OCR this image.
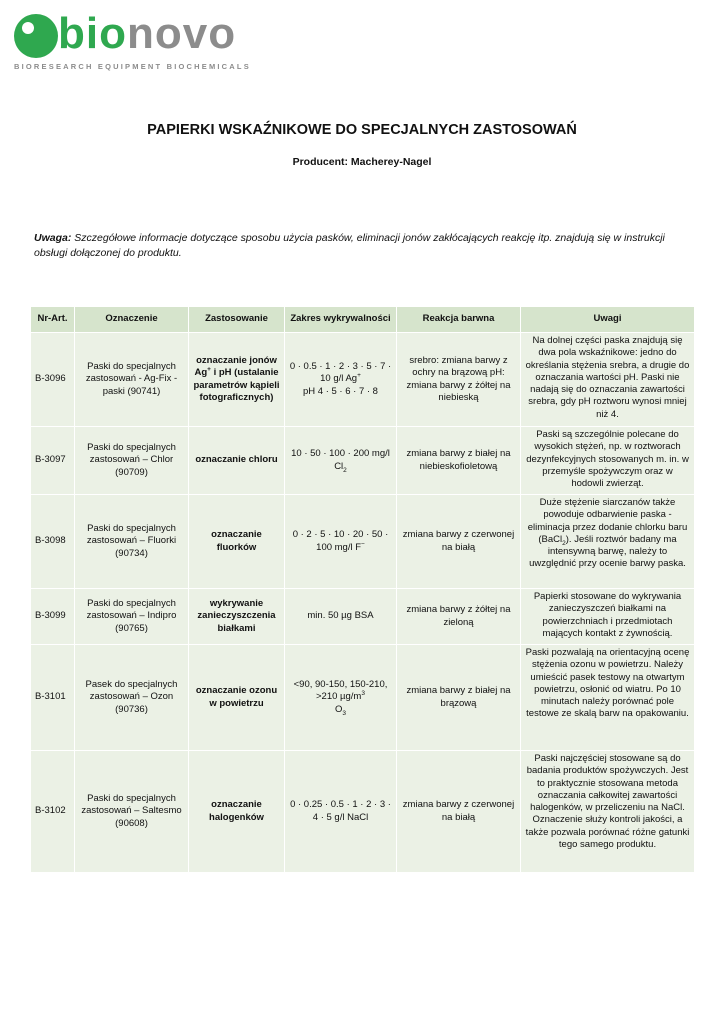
bionovo
BIORESEARCH EQUIPMENT BIOCHEMICALS
PAPIERKI WSKAŹNIKOWE DO SPECJALNYCH ZASTOSOWAŃ
Producent: Macherey-Nagel
Uwaga: Szczegółowe informacje dotyczące sposobu użycia pasków, eliminacji jonów zakłócających reakcję itp. znajdują się w instrukcji obsługi dołączonej do produktu.
Nr-Art.	Oznaczenie	Zastosowanie	Zakres wykrywalności	Reakcja barwna	Uwagi
B-3096	Paski do specjalnych zastosowań - Ag-Fix - paski (90741)	oznaczanie jonów Ag+ i pH (ustalanie parametrów kąpieli fotograficznych)	0 · 0.5 · 1 · 2 · 3 · 5 · 7 · 10 g/l Ag+
pH 4 · 5 · 6 · 7 · 8	srebro: zmiana barwy z ochry na brązową pH: zmiana barwy z żółtej na niebieską	Na dolnej części paska znajdują się dwa pola wskaźnikowe: jedno do określania stężenia srebra, a drugie do oznaczania wartości pH. Paski nie nadają się do oznaczania zawartości srebra, gdy pH roztworu wynosi mniej niż 4.
B-3097	Paski do specjalnych zastosowań – Chlor (90709)	oznaczanie chloru	10 · 50 · 100 · 200 mg/l $Cl_2$	zmiana barwy z białej na niebieskofioletową	Paski są szczególnie polecane do wysokich stężeń, np. w roztworach dezynfekcyjnych stosowanych m. in. w przemyśle spożywczym oraz w hodowli zwierząt.
B-3098	Paski do specjalnych zastosowań – Fluorki (90734)	oznaczanie fluorków	0 · 2 · 5 · 10 · 20 · 50 · 100 mg/l F−	zmiana barwy z czerwonej na białą	Duże stężenie siarczanów także powoduje odbarwienie paska - eliminacja przez dodanie chlorku baru (BaCl$_2$). Jeśli roztwór badany ma intensywną barwę, należy to uwzględnić przy ocenie barwy paska.
B-3099	Paski do specjalnych zastosowań – Indipro (90765)	wykrywanie zanieczyszczenia białkami	min. 50 µg BSA	zmiana barwy z żółtej na zieloną	Papierki stosowane do wykrywania zanieczyszczeń białkami na powierzchniach i przedmiotach mających kontakt z żywnością.
B-3101	Pasek do specjalnych zastosowań – Ozon (90736)	oznaczanie ozonu w powietrzu	<90, 90-150, 150-210, >210 $\mu g/m^3$
$O_3$	zmiana barwy z białej na brązową	Paski pozwalają na orientacyjną ocenę stężenia ozonu w powietrzu. Należy umieścić pasek testowy na otwartym powietrzu, osłonić od wiatru. Po 10 minutach należy porównać pole testowe ze skalą barw na opakowaniu.
B-3102	Paski do specjalnych zastosowań – Saltesmo (90608)	oznaczanie halogenków	0 · 0.25 · 0.5 · 1 · 2 · 3 · 4 · 5 g/l NaCl	zmiana barwy z czerwonej na białą	Paski najczęściej stosowane są do badania produktów spożywczych. Jest to praktycznie stosowana metoda oznaczania całkowitej zawartości halogenków, w przeliczeniu na NaCl. Oznaczenie służy kontroli jakości, a także pozwala porównać różne gatunki tego samego produktu.
